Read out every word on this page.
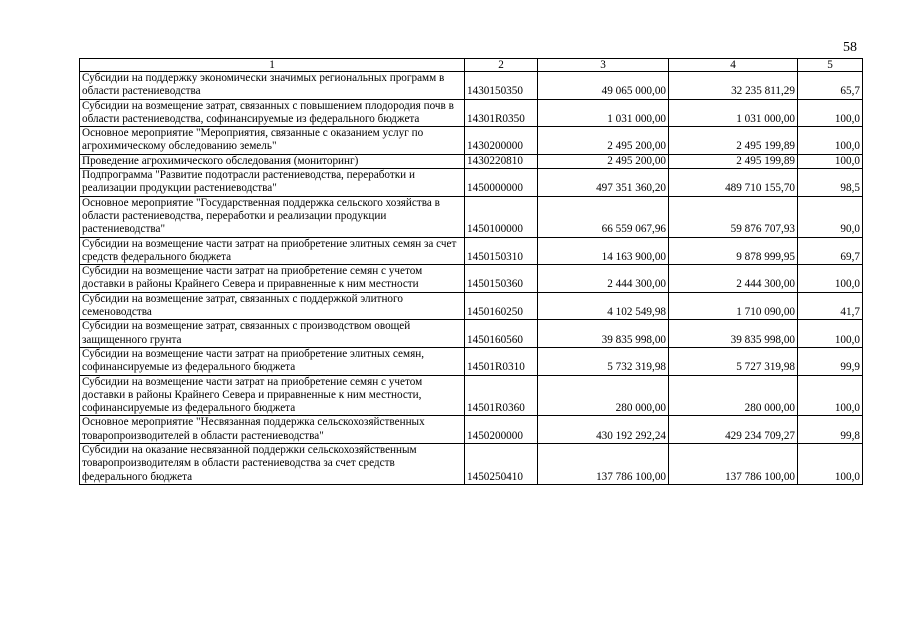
58
1	2	3	4	5
Субсидии на поддержку экономически значимых региональных программ в области растениеводства	1430150350	49 065 000,00	32 235 811,29	65,7
Субсидии на возмещение затрат, связанных с повышением плодородия почв в области растениеводства, софинансируемые из федерального бюджета	14301R0350	1 031 000,00	1 031 000,00	100,0
Основное мероприятие "Мероприятия, связанные с оказанием услуг по агрохимическому обследованию земель"	1430200000	2 495 200,00	2 495 199,89	100,0
Проведение агрохимического обследования (мониторинг)	1430220810	2 495 200,00	2 495 199,89	100,0
Подпрограмма "Развитие подотрасли растениеводства, переработки и реализации продукции растениеводства"	1450000000	497 351 360,20	489 710 155,70	98,5
Основное мероприятие "Государственная поддержка сельского хозяйства в области растениеводства, переработки и реализации продукции растениеводства"	1450100000	66 559 067,96	59 876 707,93	90,0
Субсидии на возмещение части затрат на приобретение элитных семян за счет средств федерального бюджета	1450150310	14 163 900,00	9 878 999,95	69,7
Субсидии на возмещение части затрат на приобретение семян с учетом доставки в районы Крайнего Севера и приравненные к ним местности	1450150360	2 444 300,00	2 444 300,00	100,0
Субсидии на возмещение затрат, связанных с поддержкой элитного семеноводства	1450160250	4 102 549,98	1 710 090,00	41,7
Субсидии на возмещение затрат, связанных с производством овощей защищенного грунта	1450160560	39 835 998,00	39 835 998,00	100,0
Субсидии на возмещение части затрат на приобретение элитных семян, софинансируемые из федерального бюджета	14501R0310	5 732 319,98	5 727 319,98	99,9
Субсидии на возмещение части затрат на приобретение семян с учетом доставки в районы Крайнего Севера и приравненные к ним местности, софинансируемые из федерального бюджета	14501R0360	280 000,00	280 000,00	100,0
Основное мероприятие "Несвязанная поддержка сельскохозяйственных товаропроизводителей в области растениеводства"	1450200000	430 192 292,24	429 234 709,27	99,8
Субсидии на оказание несвязанной поддержки сельскохозяйственным товаропроизводителям в области растениеводства за счет средств федерального бюджета	1450250410	137 786 100,00	137 786 100,00	100,0
